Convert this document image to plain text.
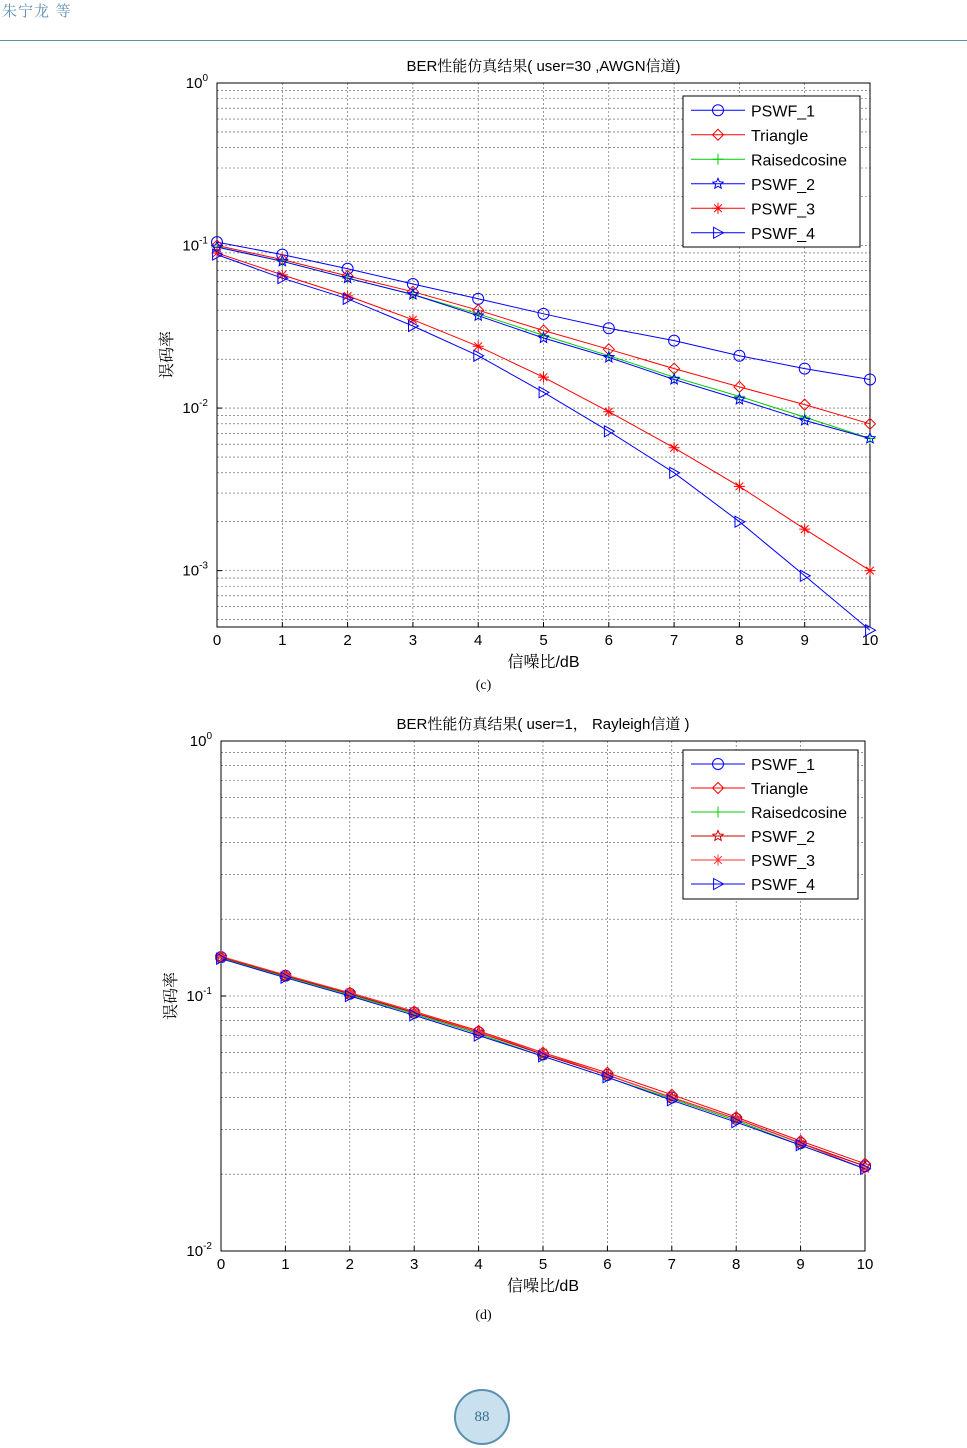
朱宁龙 等
BER性能仿真结果( user=30 ,AWGN信道)
0	1	2	3	4	5	6	7	8	9	10
$10^0$
$10^{-1}$
$10^{-2}$
$10^{-3}$
信噪比/dB
误码率
PSWF_1
Triangle
Raisedcosine
PSWF_2
PSWF_3
PSWF_4
(c)
BER性能仿真结果( user=1， Rayleigh信道 )
0	1	2	3	4	5	6	7	8	9	10
$10^0$
$10^{-1}$
$10^{-2}$
信噪比/dB
误码率
PSWF_1
Triangle
Raisedcosine
PSWF_2
PSWF_3
PSWF_4
(d)
88
